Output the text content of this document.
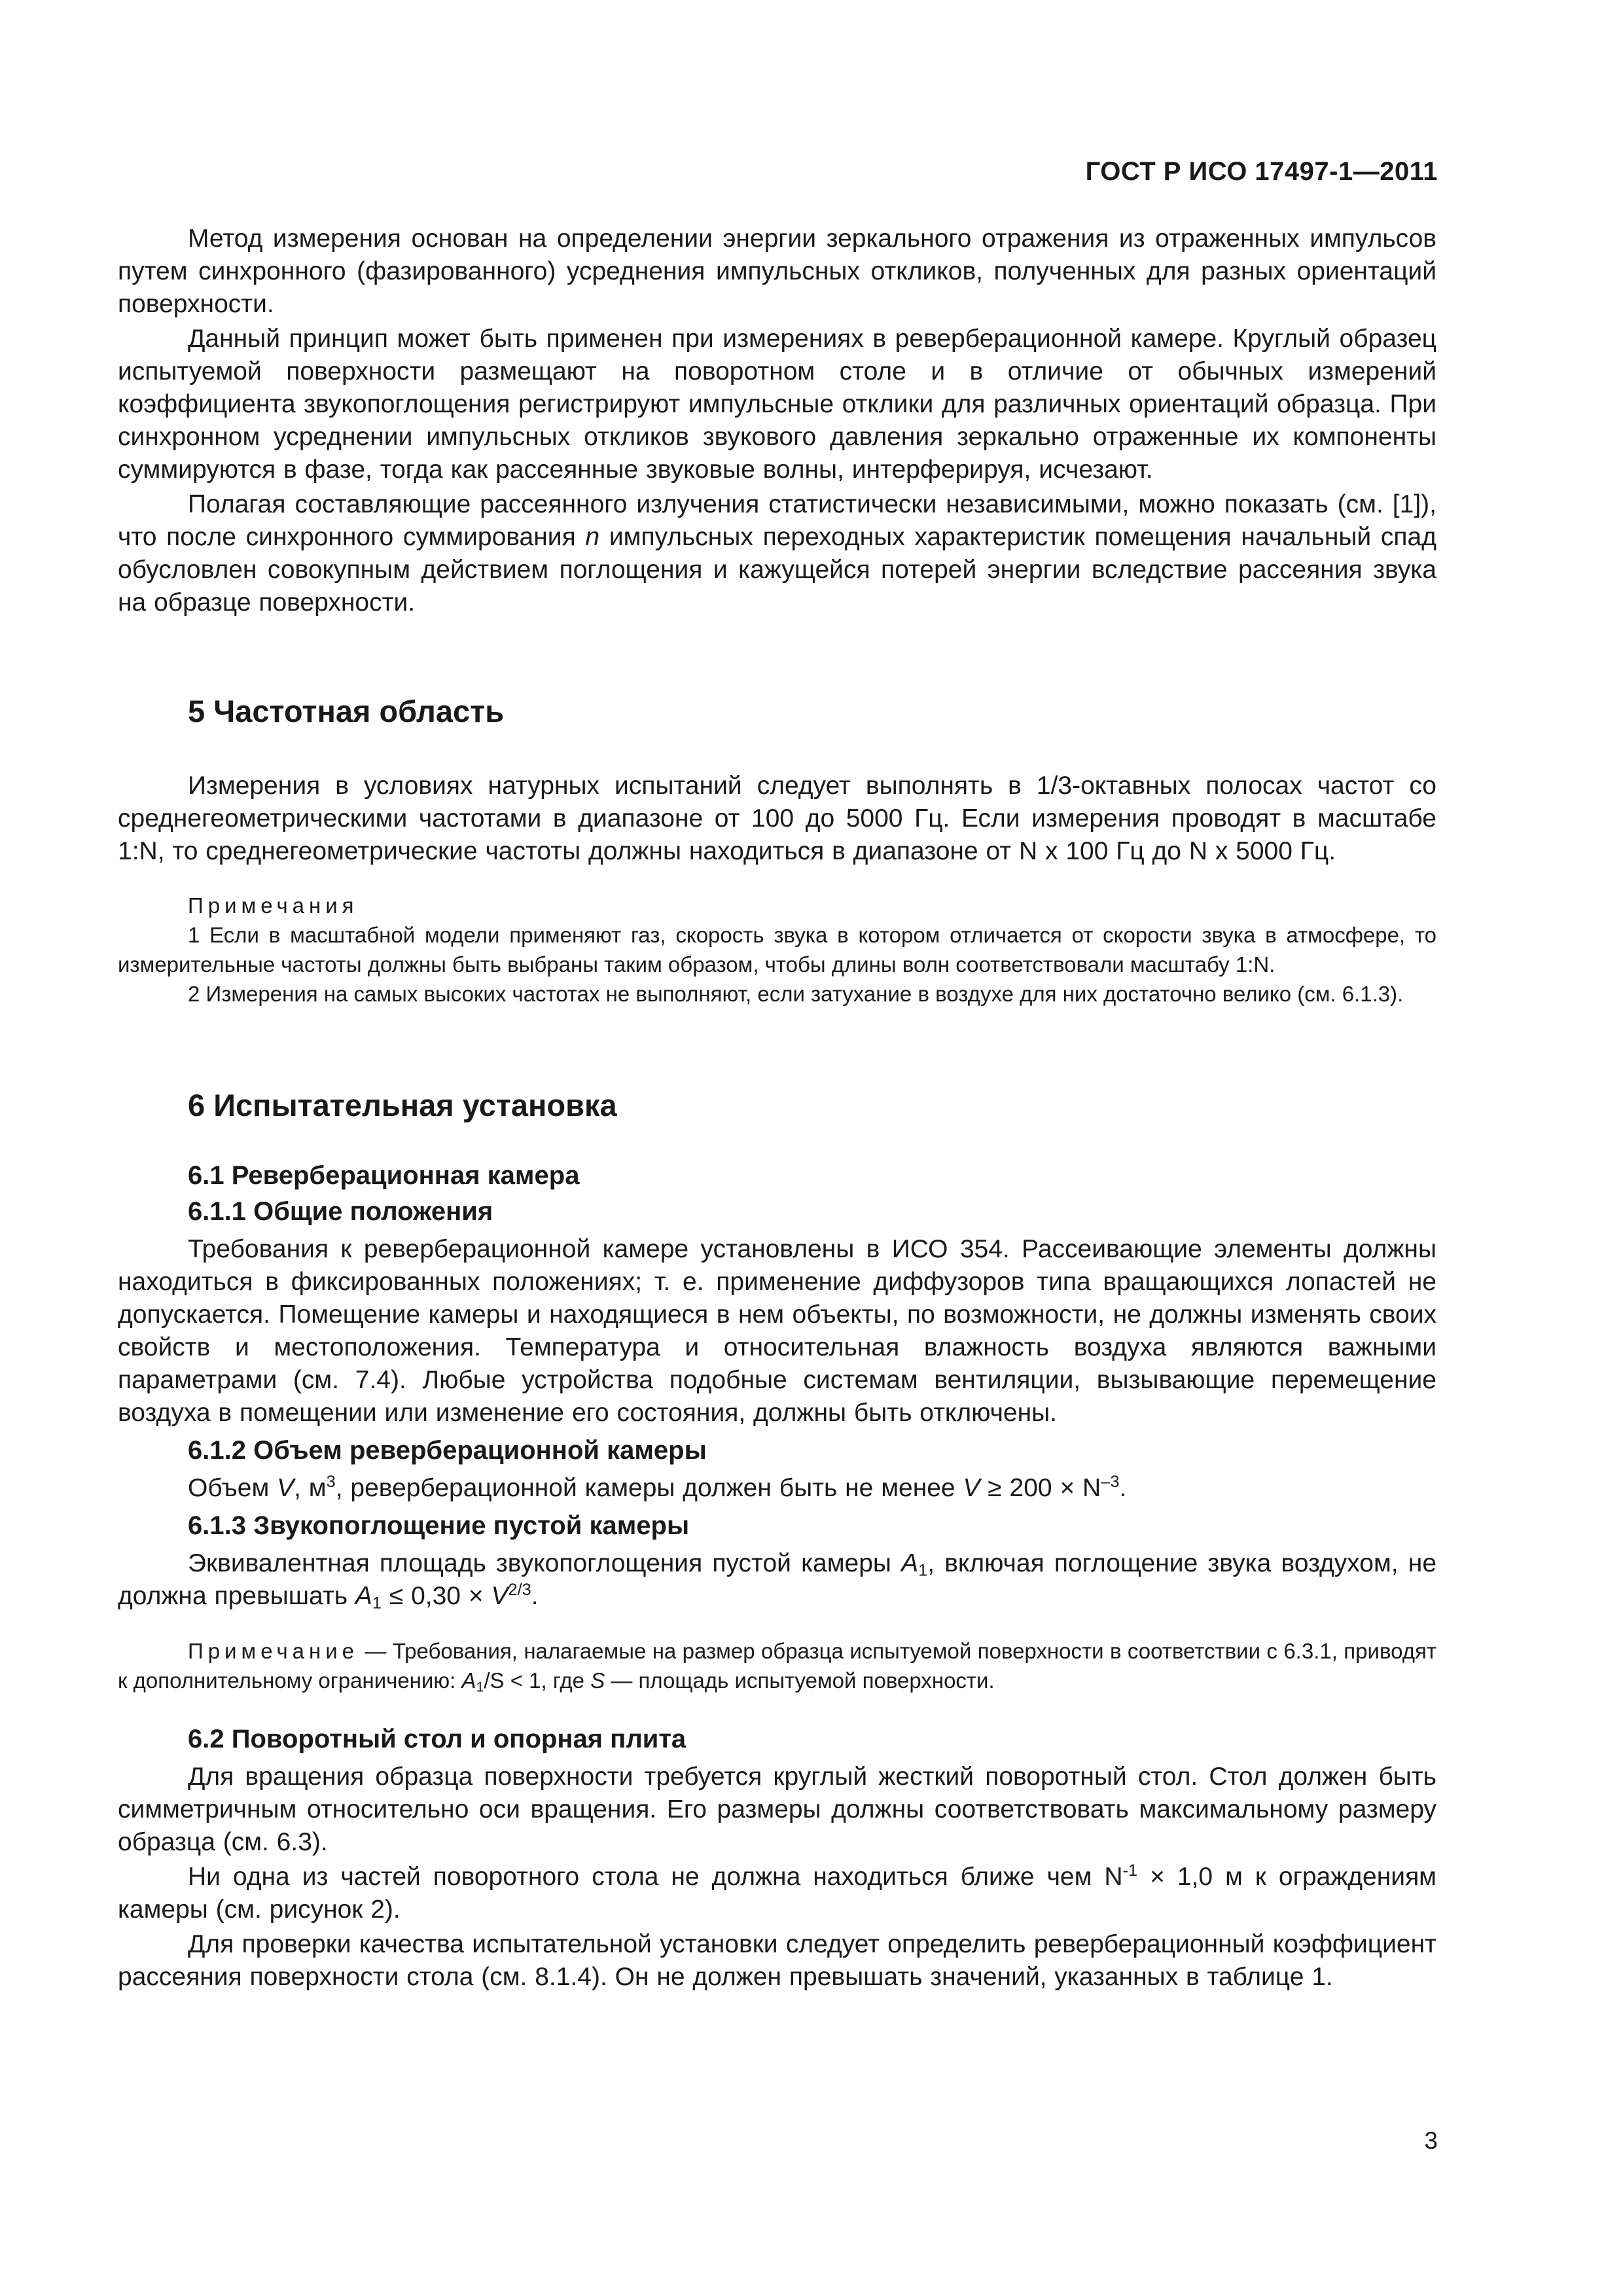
ГОСТ Р ИСО 17497-1—2011

Метод измерения основан на определении энергии зеркального отражения из отраженных импульсов путем синхронного (фазированного) усреднения импульсных откликов, полученных для разных ориентаций поверхности.

Данный принцип может быть применен при измерениях в реверберационной камере. Круглый образец испытуемой поверхности размещают на поворотном столе и в отличие от обычных измерений коэффициента звукопоглощения регистрируют импульсные отклики для различных ориентаций образца. При синхронном усреднении импульсных откликов звукового давления зеркально отраженные их компоненты суммируются в фазе, тогда как рассеянные звуковые волны, интерферируя, исчезают.

Полагая составляющие рассеянного излучения статистически независимыми, можно показать (см. [1]), что после синхронного суммирования n импульсных переходных характеристик помещения начальный спад обусловлен совокупным действием поглощения и кажущейся потерей энергии вследствие рассеяния звука на образце поверхности.

5 Частотная область

Измерения в условиях натурных испытаний следует выполнять в 1/3-октавных полосах частот со среднегеометрическими частотами в диапазоне от 100 до 5000 Гц. Если измерения проводят в масштабе 1:N, то среднегеометрические частоты должны находиться в диапазоне от N x 100 Гц до N x 5000 Гц.

Примечания

1 Если в масштабной модели применяют газ, скорость звука в котором отличается от скорости звука в атмосфере, то измерительные частоты должны быть выбраны таким образом, чтобы длины волн соответствовали масштабу 1:N.

2 Измерения на самых высоких частотах не выполняют, если затухание в воздухе для них достаточно велико (см. 6.1.3).

6 Испытательная установка
6.1 Реверберационная камера
6.1.1 Общие положения

Требования к реверберационной камере установлены в ИСО 354. Рассеивающие элементы должны находиться в фиксированных положениях; т. е. применение диффузоров типа вращающихся лопастей не допускается. Помещение камеры и находящиеся в нем объекты, по возможности, не должны изменять своих свойств и местоположения. Температура и относительная влажность воздуха являются важными параметрами (см. 7.4). Любые устройства подобные системам вентиляции, вызывающие перемещение воздуха в помещении или изменение его состояния, должны быть отключены.

6.1.2 Объем реверберационной камеры

Объем V, $м^3$, реверберационной камеры должен быть не менее $V \ge 200 \times N^{-3}$.

6.1.3 Звукопоглощение пустой камеры

Эквивалентная площадь звукопоглощения пустой камеры $A_1$, включая поглощение звука воздухом, не должна превышать $A_1 \le 0,30 \times V^{2/3}$.

Примечание — Требования, налагаемые на размер образца испытуемой поверхности в соответствии с 6.3.1, приводят к дополнительному ограничению: $A_1/S < 1$, где S — площадь испытуемой поверхности.

6.2 Поворотный стол и опорная плита

Для вращения образца поверхности требуется круглый жесткий поворотный стол. Стол должен быть симметричным относительно оси вращения. Его размеры должны соответствовать максимальному размеру образца (см. 6.3).

Ни одна из частей поворотного стола не должна находиться ближе чем $N^{-1} \times 1,0$ м к ограждениям камеры (см. рисунок 2).

Для проверки качества испытательной установки следует определить реверберационный коэффициент рассеяния поверхности стола (см. 8.1.4). Он не должен превышать значений, указанных в таблице 1.

3
